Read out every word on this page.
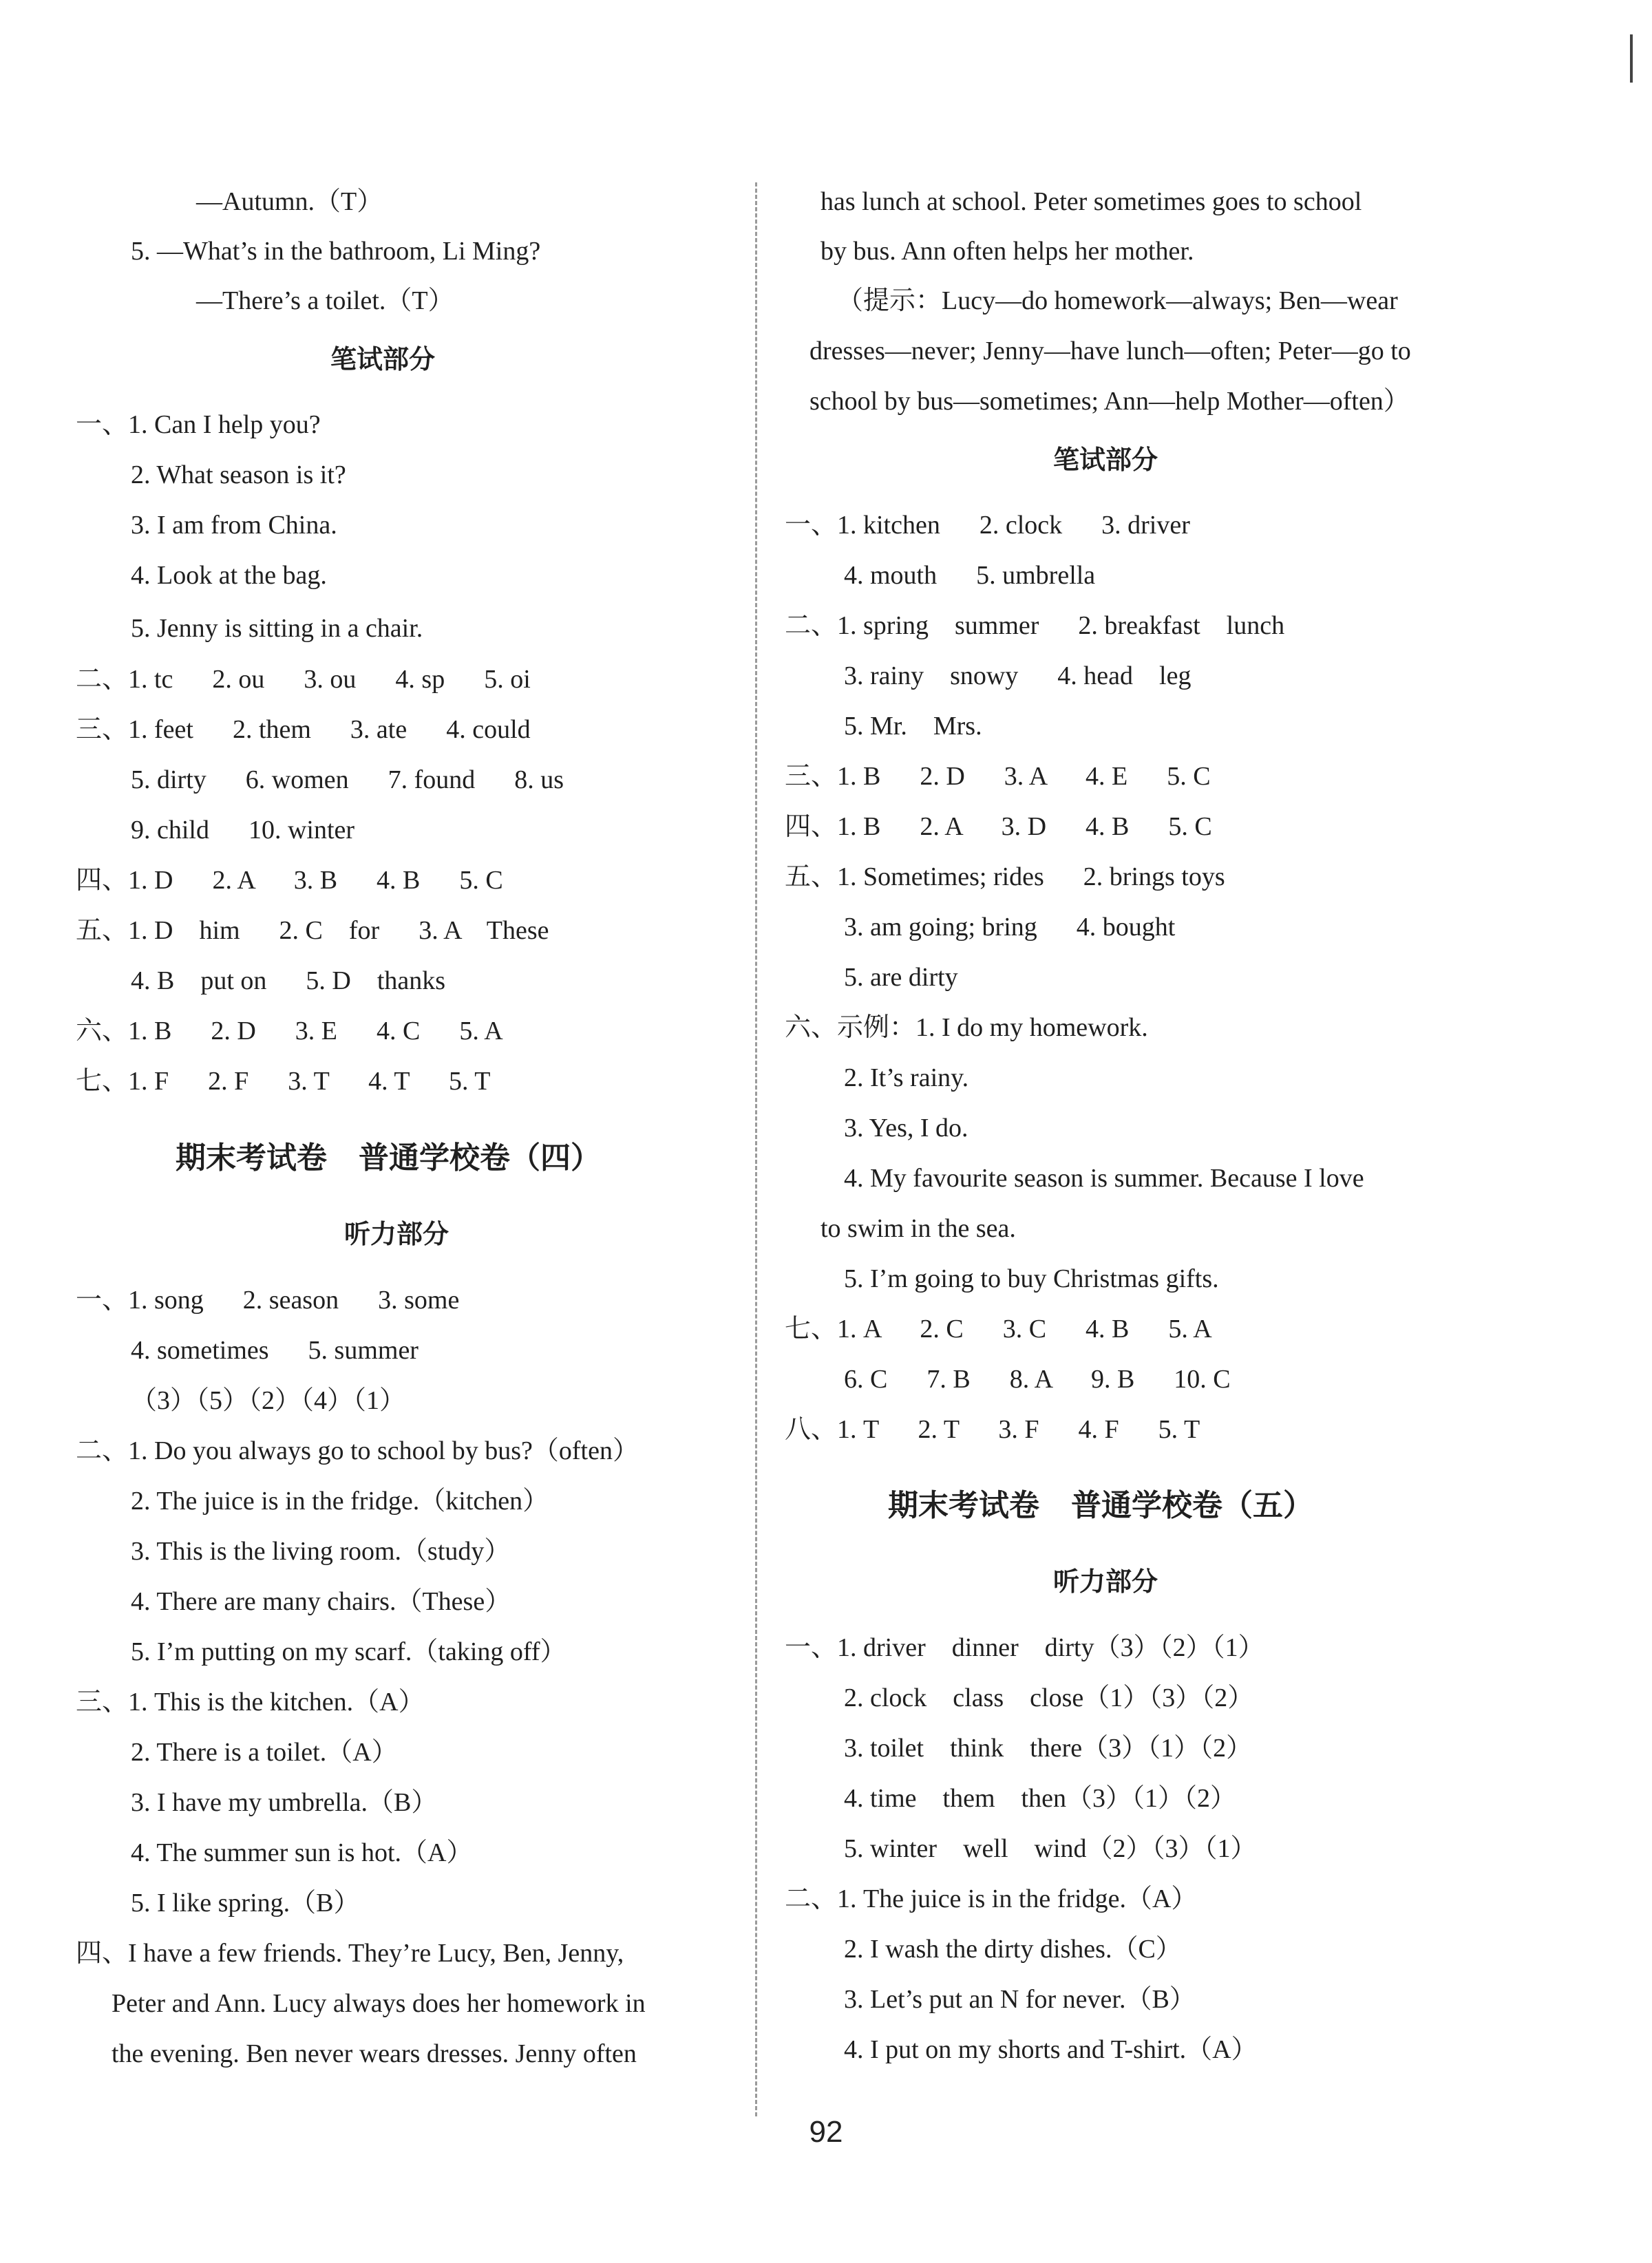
—Autumn.（T）
5. —What’s in the bathroom, Li Ming?
—There’s a toilet.（T）
笔试部分
一、1. Can I help you?
2. What season is it?
3. I am from China.
4. Look at the bag.
5. Jenny is sitting in a chair.
二、1. tc      2. ou      3. ou      4. sp      5. oi
三、1. feet      2. them      3. ate      4. could
5. dirty      6. women      7. found      8. us
9. child      10. winter
四、1. D      2. A      3. B      4. B      5. C
五、1. D    him      2. C    for      3. A    These
4. B    put on      5. D    thanks
六、1. B      2. D      3. E      4. C      5. A
七、1. F      2. F      3. T      4. T      5. T
期末考试卷   普通学校卷（四）
听力部分
一、1. song      2. season      3. some
4. sometimes      5. summer
（3）（5）（2）（4）（1）
二、1. Do you always go to school by bus?（often）
2. The juice is in the fridge.（kitchen）
3. This is the living room.（study）
4. There are many chairs.（These）
5. I’m putting on my scarf.（taking off）
三、1. This is the kitchen.（A）
2. There is a toilet.（A）
3. I have my umbrella.（B）
4. The summer sun is hot.（A）
5. I like spring.（B）
四、I have a few friends. They’re Lucy, Ben, Jenny,
Peter and Ann. Lucy always does her homework in
the evening. Ben never wears dresses. Jenny often
has lunch at school. Peter sometimes goes to school
by bus. Ann often helps her mother.
（提示：Lucy—do homework—always; Ben—wear
dresses—never; Jenny—have lunch—often; Peter—go to
school by bus—sometimes; Ann—help Mother—often）
笔试部分
一、1. kitchen      2. clock      3. driver
4. mouth      5. umbrella
二、1. spring    summer      2. breakfast    lunch
3. rainy    snowy      4. head    leg
5. Mr.    Mrs.
三、1. B      2. D      3. A      4. E      5. C
四、1. B      2. A      3. D      4. B      5. C
五、1. Sometimes; rides      2. brings toys
3. am going; bring      4. bought
5. are dirty
六、示例：1. I do my homework.
2. It’s rainy.
3. Yes, I do.
4. My favourite season is summer. Because I love
to swim in the sea.
5. I’m going to buy Christmas gifts.
七、1. A      2. C      3. C      4. B      5. A
6. C      7. B      8. A      9. B      10. C
八、1. T      2. T      3. F      4. F      5. T
期末考试卷   普通学校卷（五）
听力部分
一、1. driver    dinner    dirty（3）（2）（1）
2. clock    class    close（1）（3）（2）
3. toilet    think    there（3）（1）（2）
4. time    them    then（3）（1）（2）
5. winter    well    wind（2）（3）（1）
二、1. The juice is in the fridge.（A）
2. I wash the dirty dishes.（C）
3. Let’s put an N for never.（B）
4. I put on my shorts and T-shirt.（A）
92
